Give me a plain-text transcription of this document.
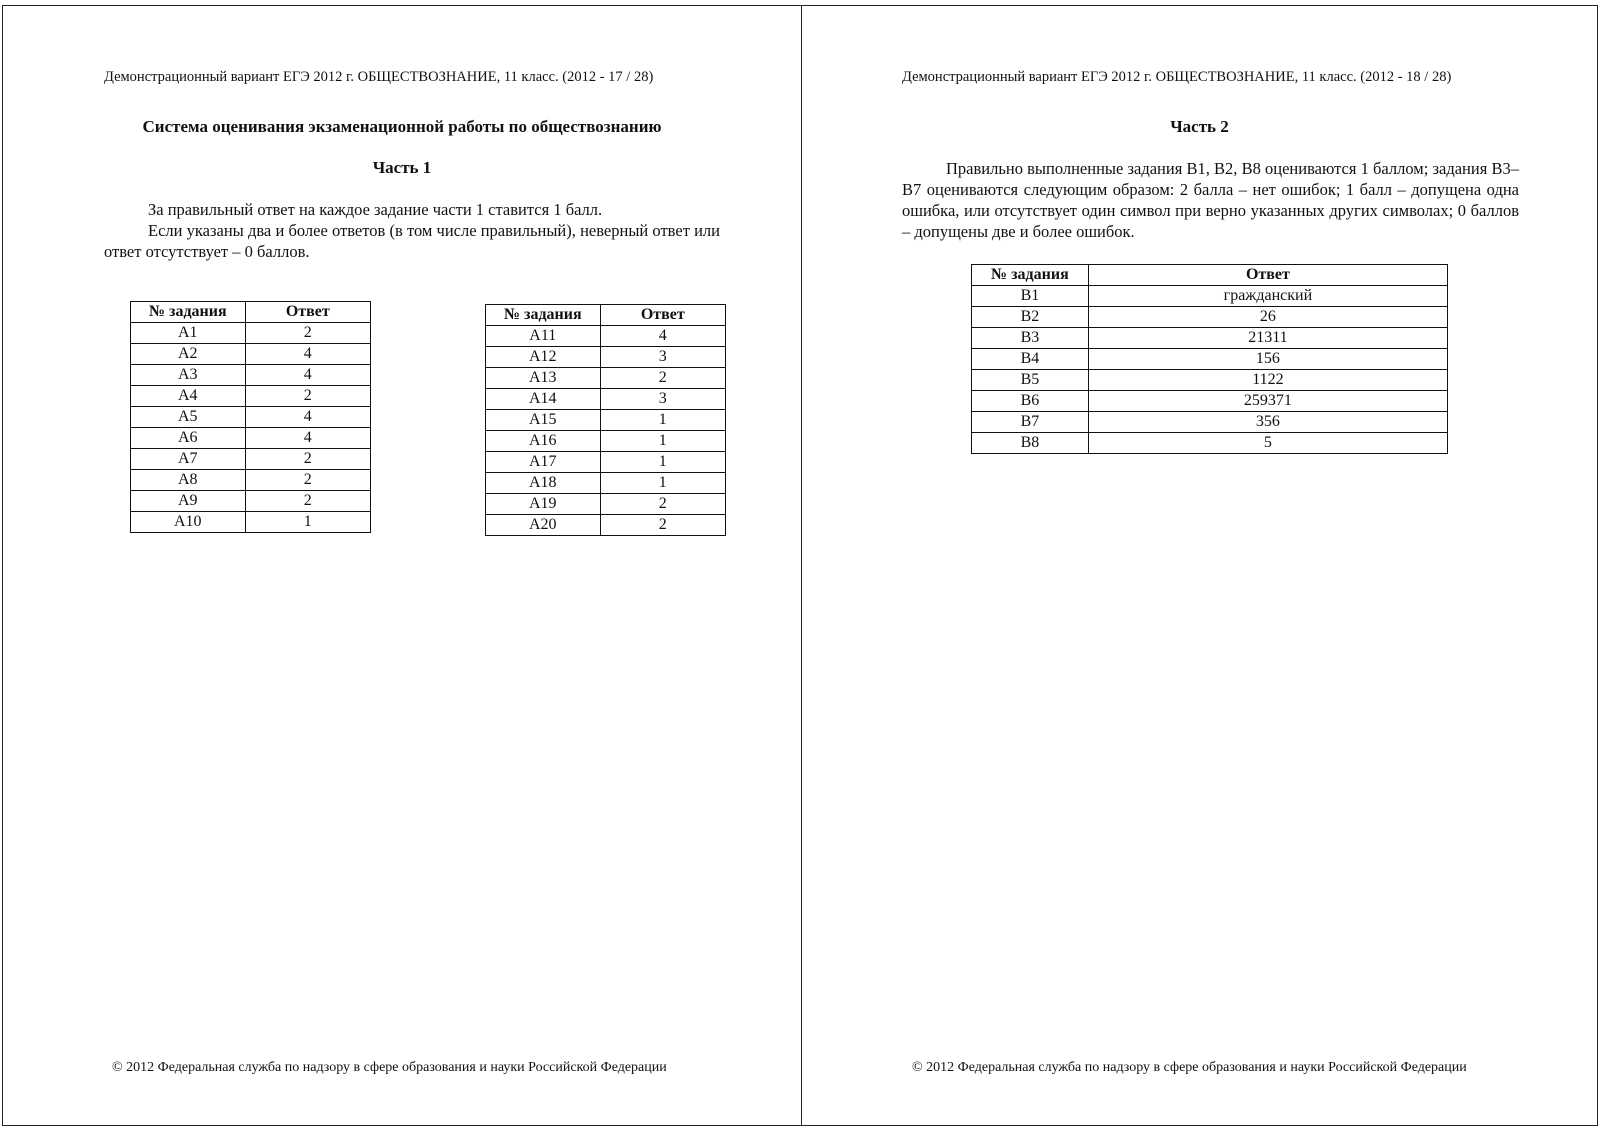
Демонстрационный вариант ЕГЭ 2012 г. ОБЩЕСТВОЗНАНИЕ, 11 класс. (2012 - 17 / 28)
Система оценивания экзаменационной работы по обществознанию
Часть 1

За правильный ответ на каждое задание части 1 ставится 1 балл.

Если указаны два и более ответов (в том числе правильный), неверный ответ или ответ отсутствует – 0 баллов.

№ задания	Ответ
A1	2
A2	4
A3	4
A4	2
A5	4
A6	4
A7	2
A8	2
A9	2
A10	1
№ задания	Ответ
A11	4
A12	3
A13	2
A14	3
A15	1
A16	1
A17	1
A18	1
A19	2
A20	2
© 2012 Федеральная служба по надзору в сфере образования и науки Российской Федерации
Демонстрационный вариант ЕГЭ 2012 г. ОБЩЕСТВОЗНАНИЕ, 11 класс. (2012 - 18 / 28)
Часть 2

Правильно выполненные задания B1, B2, B8 оцениваются 1 баллом; задания B3–B7 оцениваются следующим образом: 2 балла – нет ошибок; 1 балл – допущена одна ошибка, или отсутствует один символ при верно указанных других символах; 0 баллов – допущены две и более ошибок.

№ задания	Ответ
B1	гражданский
B2	26
B3	21311
B4	156
B5	1122
B6	259371
B7	356
B8	5
© 2012 Федеральная служба по надзору в сфере образования и науки Российской Федерации
